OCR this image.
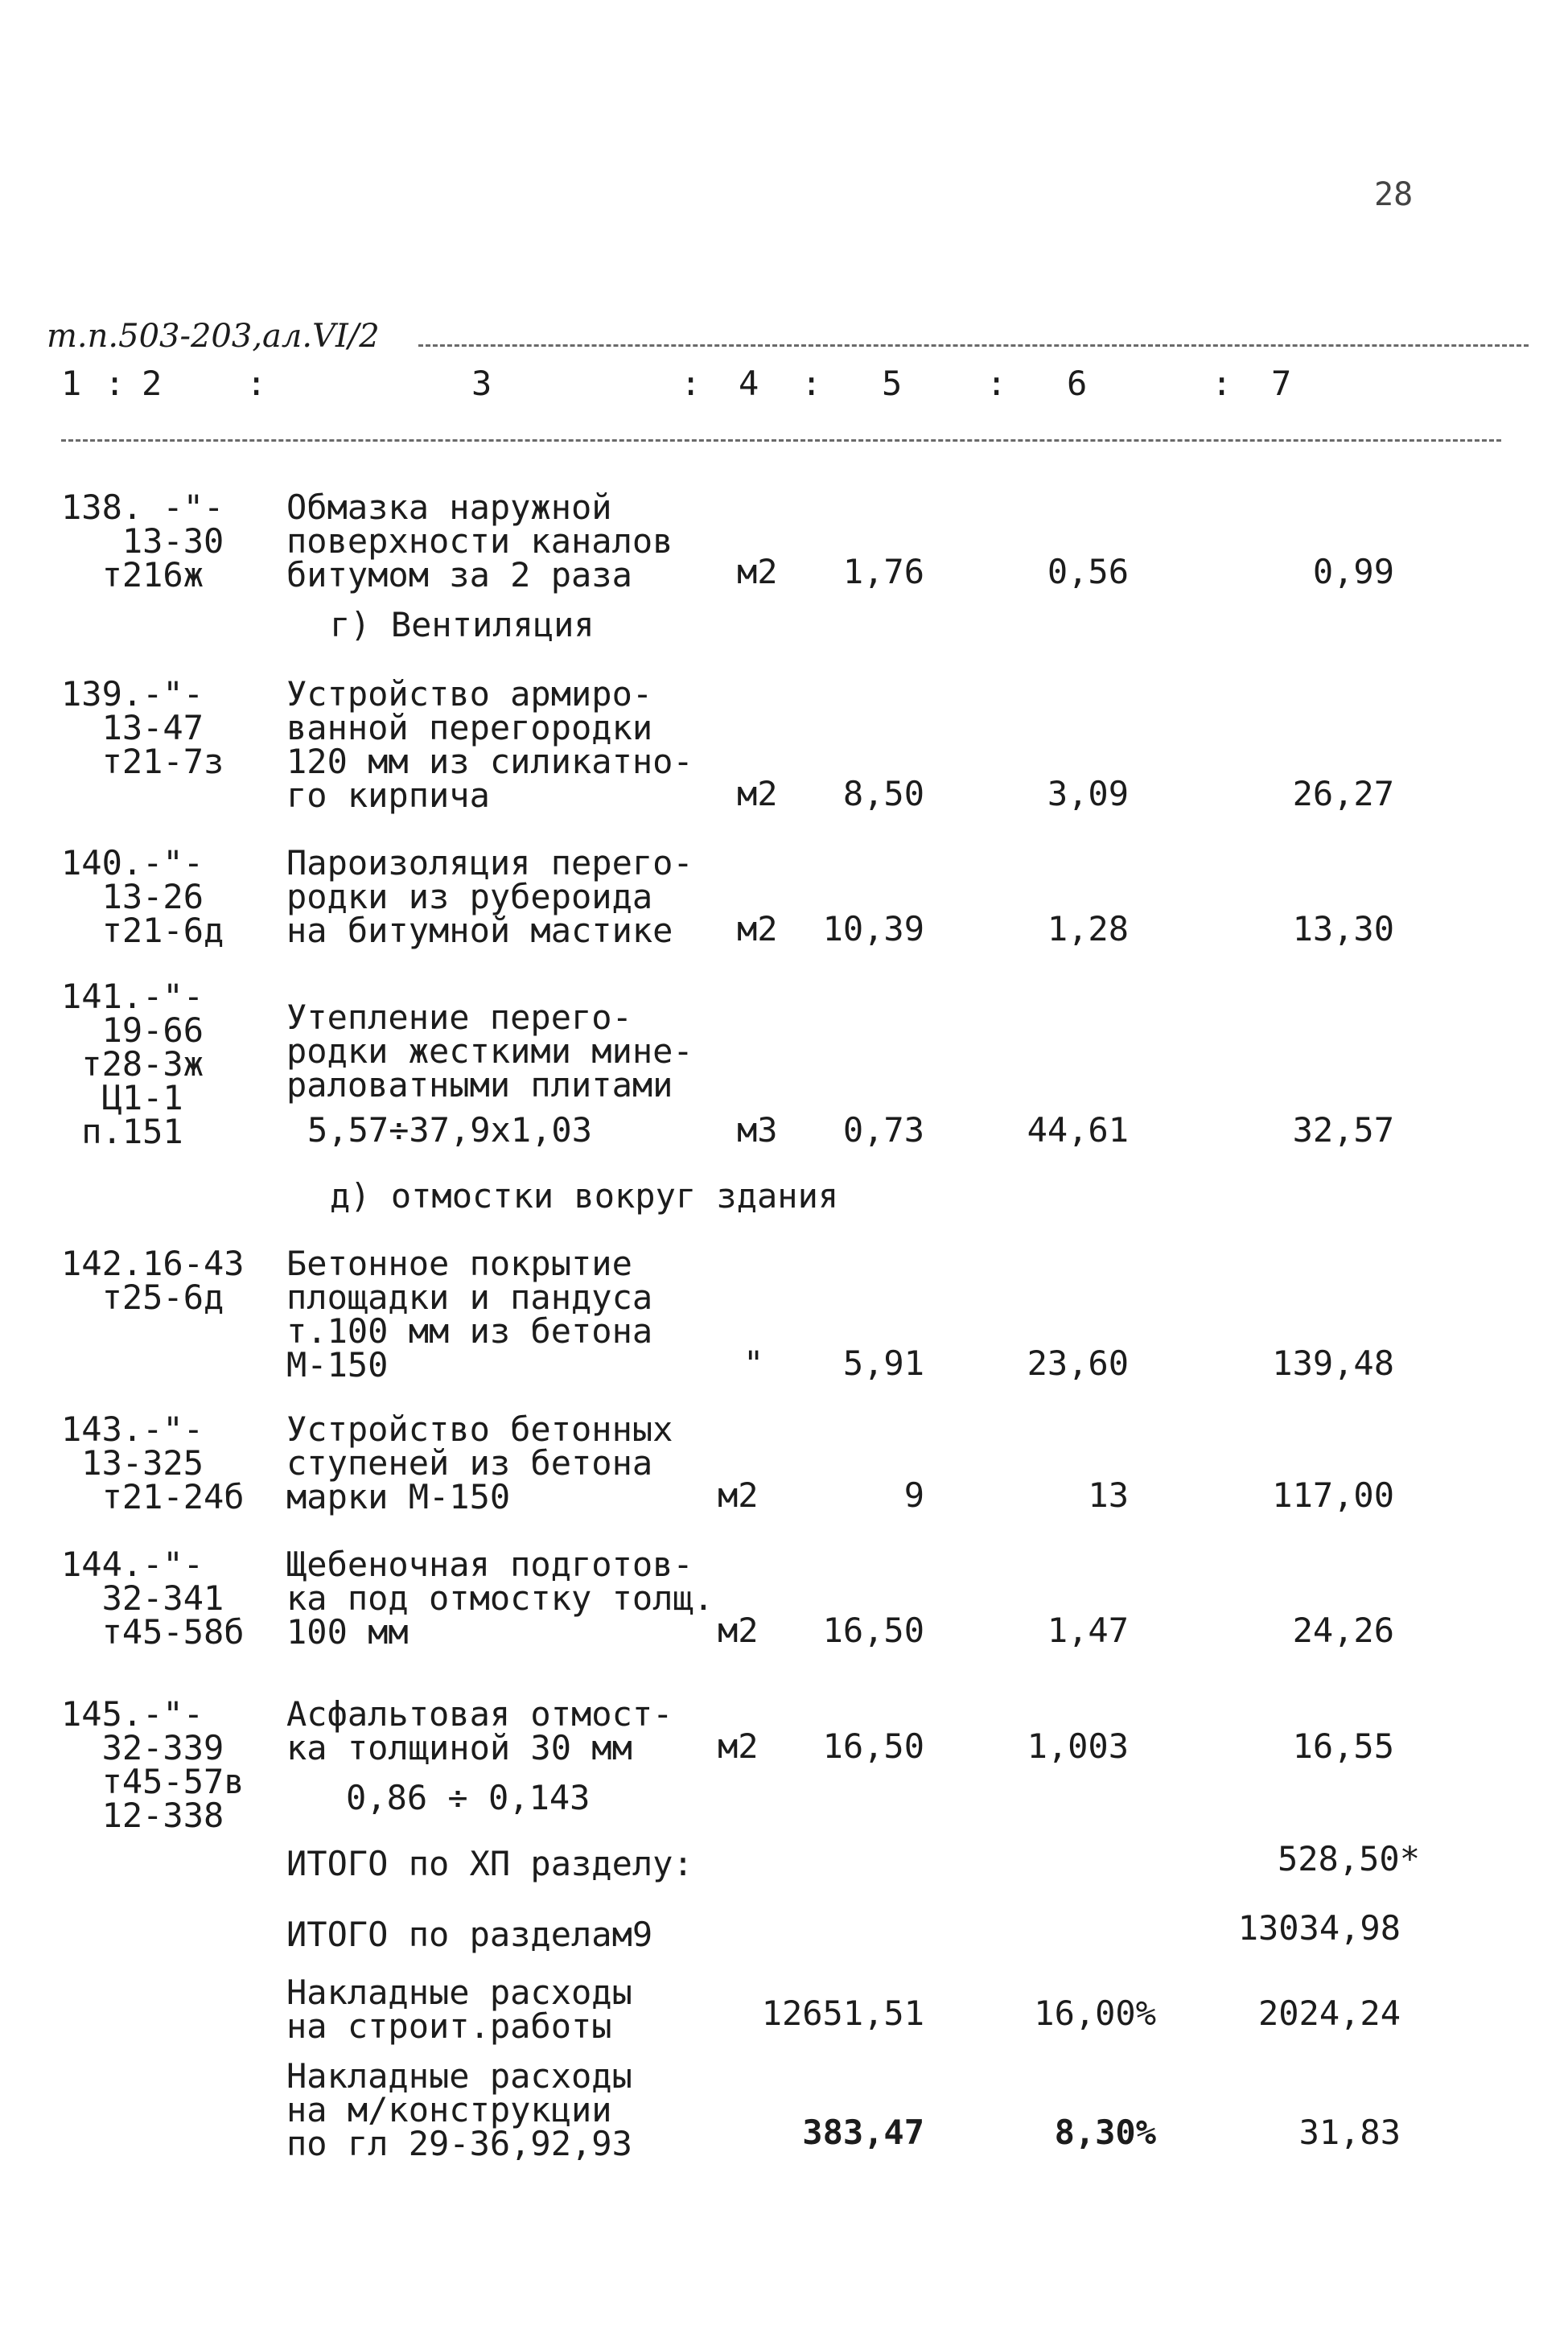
28
т.п.503-203,ал.VI/2
1 : 2 :	3	: 4 : 5 : 6	: 7
138. -"-
13-30
т216ж
Обмазка наружной
поверхности каналов
битумом за 2 раза	м2 1,76	0,56	0,99
г) Вентиляция
139.-"-
13-47
т21-7з
Устройство армиро-
ванной перегородки
120 мм из силикатно-
го кирпича	м2 8,50	3,09	26,27
140.-"-
13-26
т21-6д
Пароизоляция перего-
родки из рубероида
на битумной мастике	м2 10,39	1,28	13,30
141.-"-
19-66
т28-3ж
Ц1-1
п.151
Утепление перего-
родки жесткими мине-
раловатными плитами
5,57÷37,9х1,03	м3 0,73	44,61	32,57
д) отмостки вокруг здания
142.16-43
т25-6д
Бетонное покрытие
площадки и пандуса
т.100 мм из бетона
М-150	" 5,91	23,60	139,48
143.-"-
13-325
т21-24б
Устройство бетонных
ступеней из бетона
марки М-150	м2	9	13	117,00
144.-"-
32-341
т45-58б
Щебеночная подготов-
ка под отмостку толщ.
100 мм	м2 16,50	1,47	24,26
145.-"-
32-339
т45-57в
12-338
Асфальтовая отмост-
ка толщиной 30 мм
0,86 ÷ 0,143
м2 16,50	1,003	16,55
ИТОГО по ХП разделу:	528,50*
ИТОГО по разделам9	13034,98
Накладные расходы
на строит.работы	12651,51	16,00%	2024,24
Накладные расходы
на м/конструкции
по гл 29-36,92,93	383,47	8,30%	31,83
